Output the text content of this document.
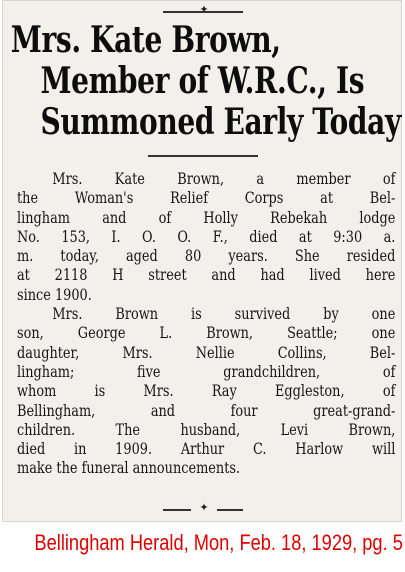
✦
Mrs. Kate Brown,
Member of W.R.C., Is
Summoned Early Today
Mrs. Kate Brown, a member of
the Woman's Relief Corps at Bel-
lingham and of Holly Rebekah lodge
No. 153, I. O. O. F., died at 9:30 a.
m. today, aged 80 years. She resided
at 2118 H street and had lived here
since 1900.
Mrs. Brown is survived by one
son, George L. Brown, Seattle; one
daughter, Mrs. Nellie Collins, Bel-
lingham; five grandchildren, of
whom is Mrs. Ray Eggleston, of
Bellingham, and four great-grand-
children. The husband, Levi Brown,
died in 1909. Arthur C. Harlow will
make the funeral announcements.
✦
Bellingham Herald, Mon, Feb. 18, 1929, pg. 5
